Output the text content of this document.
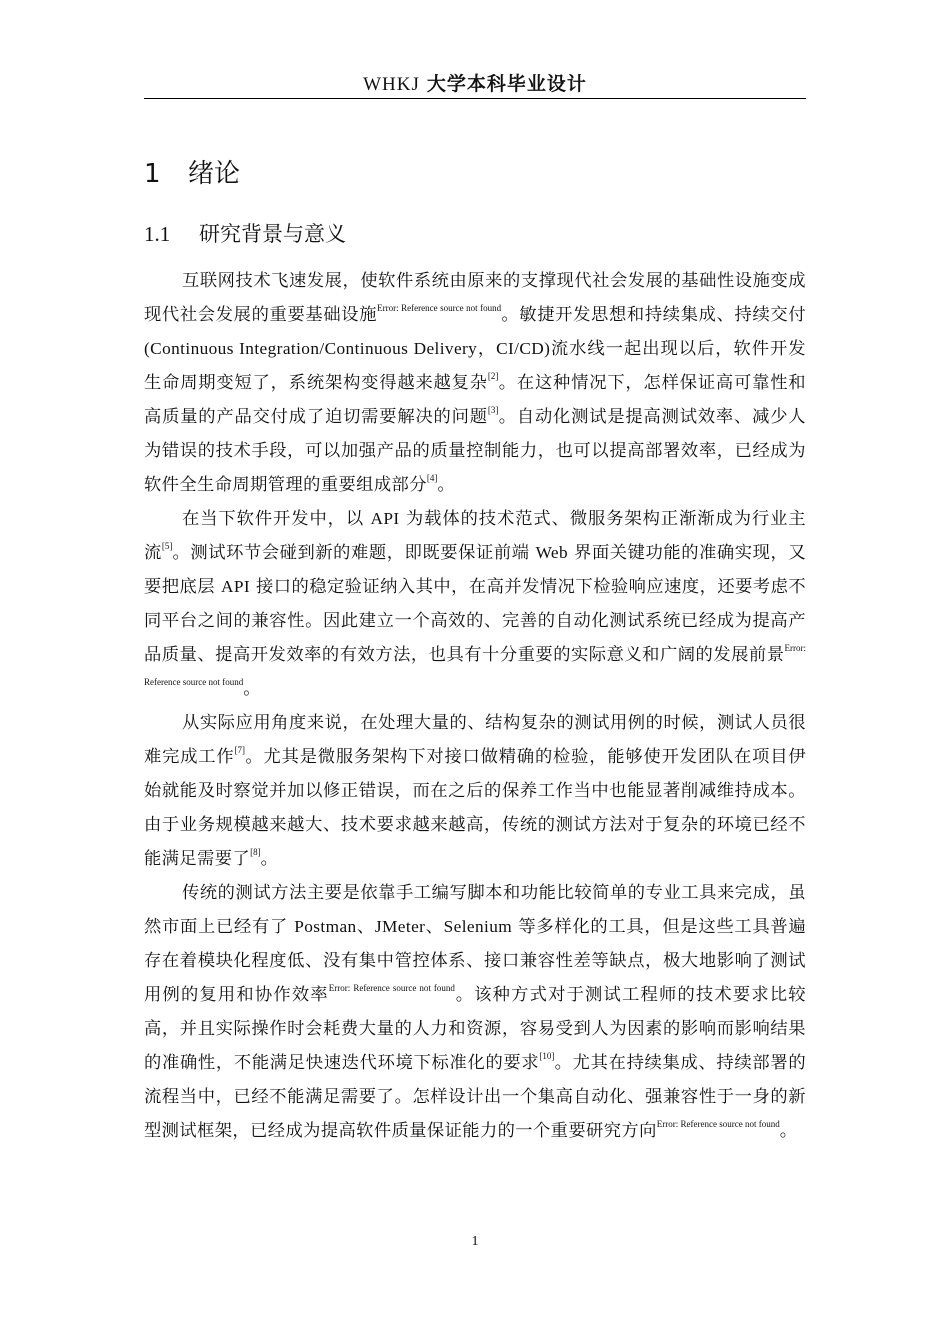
WHKJ 大学本科毕业设计
1 绪论
1.1 研究背景与意义

互联网技术飞速发展，使软件系统由原来的支撑现代社会发展的基础性设施变成现代社会发展的重要基础设施$^{Error: Reference source not found}$。敏捷开发思想和持续集成、持续交付(Continuous Integration/Continuous Delivery，CI/CD)流水线一起出现以后，软件开发生命周期变短了，系统架构变得越来越复杂[2]。在这种情况下，怎样保证高可靠性和高质量的产品交付成了迫切需要解决的问题[3]。自动化测试是提高测试效率、减少人为错误的技术手段，可以加强产品的质量控制能力，也可以提高部署效率，已经成为软件全生命周期管理的重要组成部分[4]。

在当下软件开发中，以 API 为载体的技术范式、微服务架构正渐渐成为行业主流[5]。测试环节会碰到新的难题，即既要保证前端 Web 界面关键功能的准确实现，又要把底层 API 接口的稳定验证纳入其中，在高并发情况下检验响应速度，还要考虑不同平台之间的兼容性。因此建立一个高效的、完善的自动化测试系统已经成为提高产品质量、提高开发效率的有效方法，也具有十分重要的实际意义和广阔的发展前景$^{Error: Reference source not found}$。

从实际应用角度来说，在处理大量的、结构复杂的测试用例的时候，测试人员很难完成工作[7]。尤其是微服务架构下对接口做精确的检验，能够使开发团队在项目伊始就能及时察觉并加以修正错误，而在之后的保养工作当中也能显著削减维持成本。由于业务规模越来越大、技术要求越来越高，传统的测试方法对于复杂的环境已经不能满足需要了[8]。

传统的测试方法主要是依靠手工编写脚本和功能比较简单的专业工具来完成，虽然市面上已经有了 Postman、JMeter、Selenium 等多样化的工具，但是这些工具普遍存在着模块化程度低、没有集中管控体系、接口兼容性差等缺点，极大地影响了测试用例的复用和协作效率$^{Error: Reference source not found}$。该种方式对于测试工程师的技术要求比较高，并且实际操作时会耗费大量的人力和资源，容易受到人为因素的影响而影响结果的准确性，不能满足快速迭代环境下标准化的要求[10]。尤其在持续集成、持续部署的流程当中，已经不能满足需要了。怎样设计出一个集高自动化、强兼容性于一身的新型测试框架，已经成为提高软件质量保证能力的一个重要研究方向$^{Error: Reference source not found}$。

1
